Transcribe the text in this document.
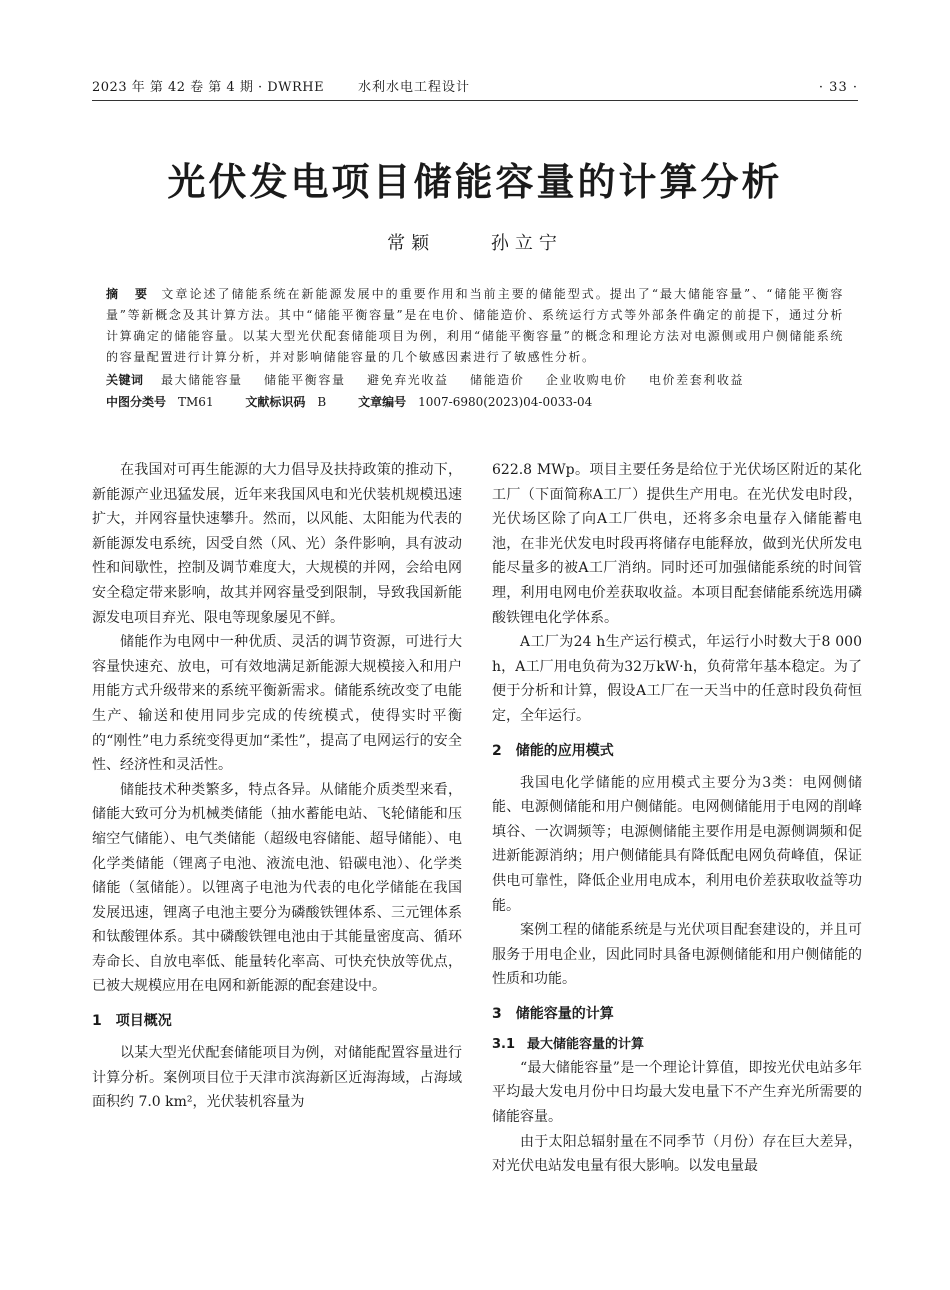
2023 年 第 42 卷 第 4 期 · DWRHE	水利水电工程设计	· 33 ·
光伏发电项目储能容量的计算分析
常颖	孙立宁
摘 要 文章论述了储能系统在新能源发展中的重要作用和当前主要的储能型式。提出了“最大储能容量”、“储能平衡容量”等新概念及其计算方法。其中“储能平衡容量”是在电价、储能造价、系统运行方式等外部条件确定的前提下，通过分析计算确定的储能容量。以某大型光伏配套储能项目为例，利用“储能平衡容量”的概念和理论方法对电源侧或用户侧储能系统的容量配置进行计算分析，并对影响储能容量的几个敏感因素进行了敏感性分析。
关键词 最大储能容量 储能平衡容量 避免弃光收益 储能造价 企业收购电价 电价差套利收益
中图分类号 TM61	文献标识码 B	文章编号 1007-6980(2023)04-0033-04

在我国对可再生能源的大力倡导及扶持政策的推动下，新能源产业迅猛发展，近年来我国风电和光伏装机规模迅速扩大，并网容量快速攀升。然而，以风能、太阳能为代表的新能源发电系统，因受自然（风、光）条件影响，具有波动性和间歇性，控制及调节难度大，大规模的并网，会给电网安全稳定带来影响，故其并网容量受到限制，导致我国新能源发电项目弃光、限电等现象屡见不鲜。

储能作为电网中一种优质、灵活的调节资源，可进行大容量快速充、放电，可有效地满足新能源大规模接入和用户用能方式升级带来的系统平衡新需求。储能系统改变了电能生产、输送和使用同步完成的传统模式，使得实时平衡的“刚性”电力系统变得更加“柔性”，提高了电网运行的安全性、经济性和灵活性。

储能技术种类繁多，特点各异。从储能介质类型来看，储能大致可分为机械类储能（抽水蓄能电站、飞轮储能和压缩空气储能）、电气类储能（超级电容储能、超导储能）、电化学类储能（锂离子电池、液流电池、铅碳电池）、化学类储能（氢储能）。以锂离子电池为代表的电化学储能在我国发展迅速，锂离子电池主要分为磷酸铁锂体系、三元锂体系和钛酸锂体系。其中磷酸铁锂电池由于其能量密度高、循环寿命长、自放电率低、能量转化率高、可快充快放等优点，已被大规模应用在电网和新能源的配套建设中。

1 项目概况

以某大型光伏配套储能项目为例，对储能配置容量进行计算分析。案例项目位于天津市滨海新区近海海域，占海域面积约 7.0 km²，光伏装机容量为

622.8 MWp。项目主要任务是给位于光伏场区附近的某化工厂（下面简称A工厂）提供生产用电。在光伏发电时段，光伏场区除了向A工厂供电，还将多余电量存入储能蓄电池，在非光伏发电时段再将储存电能释放，做到光伏所发电能尽量多的被A工厂消纳。同时还可加强储能系统的时间管理，利用电网电价差获取收益。本项目配套储能系统选用磷酸铁锂电化学体系。

A工厂为24 h生产运行模式，年运行小时数大于8 000 h，A工厂用电负荷为32万kW·h，负荷常年基本稳定。为了便于分析和计算，假设A工厂在一天当中的任意时段负荷恒定，全年运行。

2 储能的应用模式

我国电化学储能的应用模式主要分为3类：电网侧储能、电源侧储能和用户侧储能。电网侧储能用于电网的削峰填谷、一次调频等；电源侧储能主要作用是电源侧调频和促进新能源消纳；用户侧储能具有降低配电网负荷峰值，保证供电可靠性，降低企业用电成本，利用电价差获取收益等功能。

案例工程的储能系统是与光伏项目配套建设的，并且可服务于用电企业，因此同时具备电源侧储能和用户侧储能的性质和功能。

3 储能容量的计算
3.1 最大储能容量的计算

“最大储能容量”是一个理论计算值，即按光伏电站多年平均最大发电月份中日均最大发电量下不产生弃光所需要的储能容量。

由于太阳总辐射量在不同季节（月份）存在巨大差异，对光伏电站发电量有很大影响。以发电量最
